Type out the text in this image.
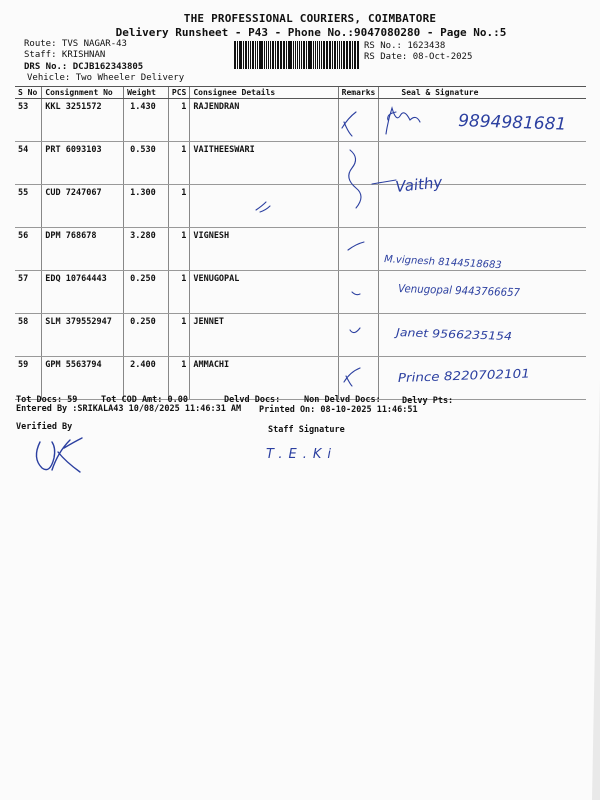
THE PROFESSIONAL COURIERS, COIMBATORE
Delivery Runsheet - P43 - Phone No.:9047080280 - Page No.:5
Route: TVS NAGAR-43
Staff: KRISHNAN
DRS No.: DCJB162343805
Vehicle: Two Wheeler Delivery
RS No.: 1623438
RS Date: 08-Oct-2025
S No	Consignment No	Weight	PCS	Consignee Details	Remarks	Seal & Signature
53	KKL 3251572	1.430	1	RAJENDRAN		
54	PRT 6093103	0.530	1	VAITHEESWARI		
55	CUD 7247067	1.300	1			
56	DPM 768678	3.280	1	VIGNESH		
57	EDQ 10764443	0.250	1	VENUGOPAL		
58	SLM 379552947	0.250	1	JENNET		
59	GPM 5563794	2.400	1	AMMACHI		
Tot Docs: 59	Tot COD Amt: 0.00	Delvd Docs:	Non Delvd Docs: Delvy Pts:
Entered By :SRIKALA43 10/08/2025 11:46:31 AM Printed On: 08-10-2025 11:46:51
Verified By	Staff Signature
9894981681
Vaithy
M.vignesh 8144518683
Venugopal 9443766657
Janet 9566235154
Prince 8220702101
T.E.Ki
